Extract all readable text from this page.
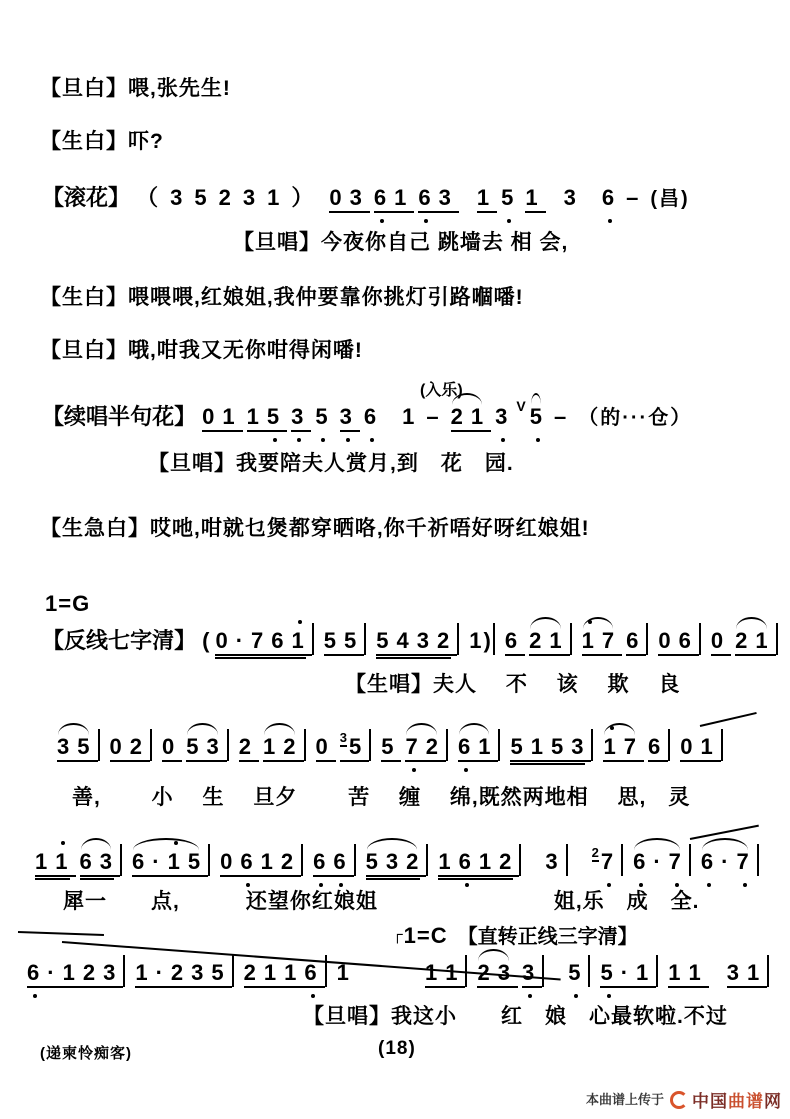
【旦白】喂,张先生!
【生白】吓?
【滚花】 （35231） 03 6
1 6
3 1 5 1 3 6 – (昌)
【旦唱】今夜你自己 跳墙去 相 会,
【生白】喂喂喂,红娘姐,我仲要靠你挑灯引路嗰噃!
【旦白】哦,咁我又无你咁得闲噃!
(入乐)
【续唱半句花】 01 15 3 5 3 6 1 – 21 3
V 5 – （的···仓）
【旦唱】我要陪夫人赏月,到　花　园.
【生急白】哎吔,咁就乜煲都穿晒咯,你千祈唔好呀红娘姐!
1=G
【反线七字清】 ( 0·761 55 5432 1) 6 21 1
7 6 06 0 21
【生唱】夫人　 不　 该　 欺　 良
35 02 0 53 2 12 0 35 5 7
2 6
1 5153 1
7 6 01
善,　　 小　 生　 旦夕　　 苦　 缠　 绵,既然两地相　 思,　灵
11 63 6·1
5 06
12 6
6 532 16
12 3 27 6
·7 6
·7
犀一　　点,　　　还望你红娘姐　　　　　　　　姐,乐　成　全.
┌1=C 【直转正线三字清】
6
·123 1·235 2116 1　　	11 23 3 5 5
·1 11 31
【旦唱】我这小　　红　娘　心最软啦.不过
(递柬怜痴客)	(18)
本曲谱上传于 中国曲谱网
